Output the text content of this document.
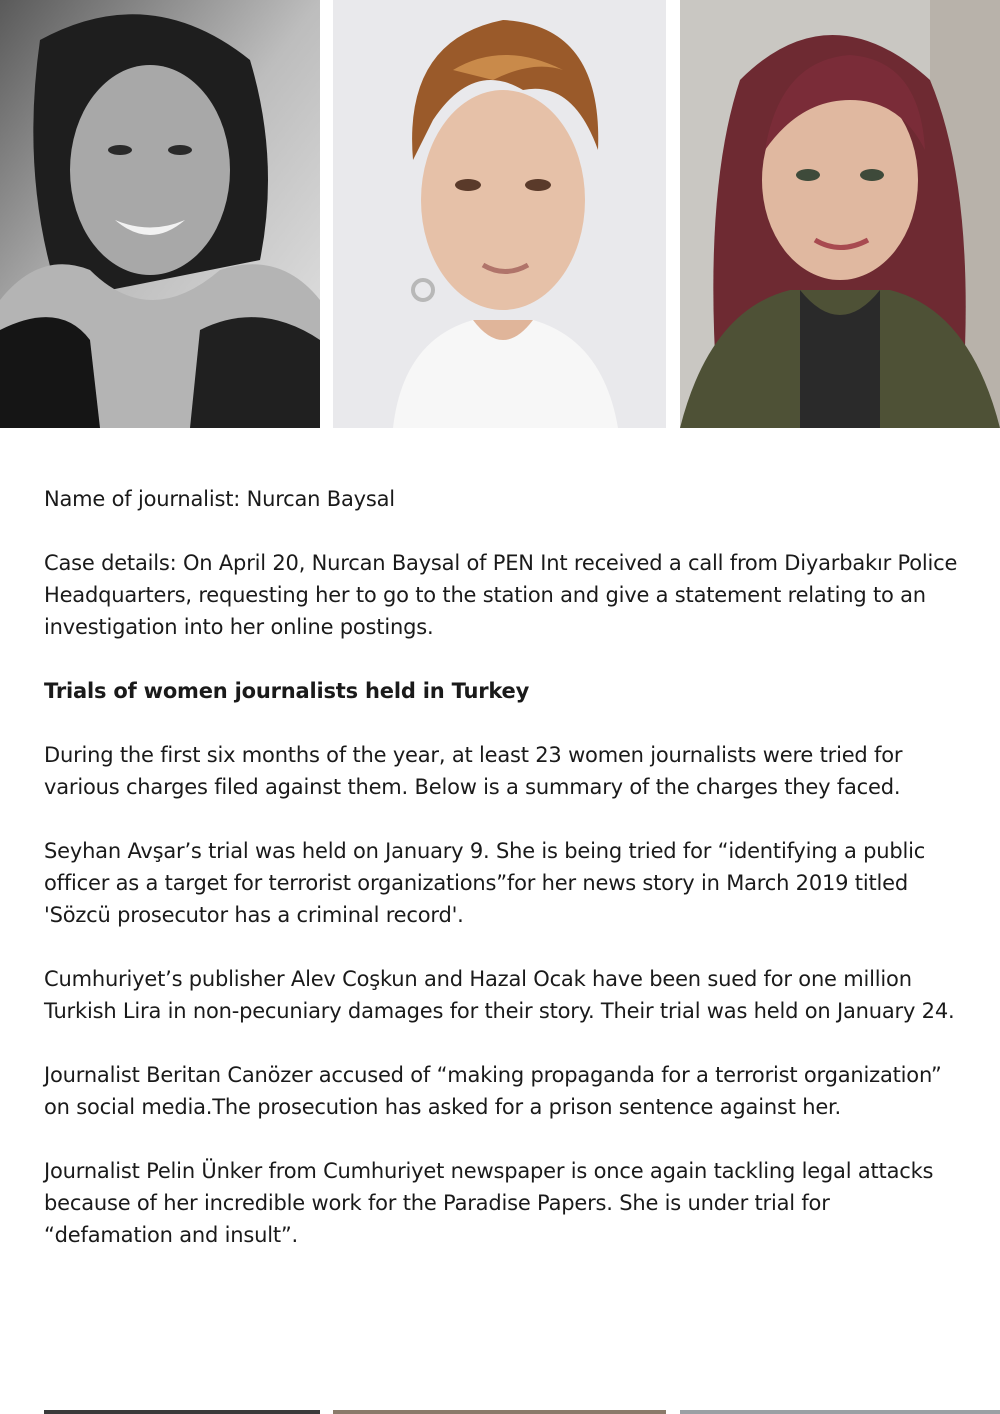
Name of journalist: Nurcan Baysal

Case details: On April 20, Nurcan Baysal of PEN Int received a call from Diyarbakır Police Headquarters, requesting her to go to the station and give a statement relating to an investigation into her online postings.

Trials of women journalists held in Turkey

During the first six months of the year, at least 23 women journalists were tried for various charges filed against them. Below is a summary of the charges they faced.

Seyhan Avşar’s trial was held on January 9. She is being tried for “identifying a public officer as a target for terrorist organizations”for her news story in March 2019 titled 'Sözcü prosecutor has a criminal record'.

Cumhuriyet’s publisher Alev Coşkun and Hazal Ocak have been sued for one million Turkish Lira in non-pecuniary damages for their story. Their trial was held on January 24.

Journalist Beritan Canözer accused of “making propaganda for a terrorist organization” on social media.The prosecution has asked for a prison sentence against her.

Journalist Pelin Ünker from Cumhuriyet newspaper is once again tackling legal attacks because of her incredible work for the Paradise Papers. She is under trial for “defamation and insult”.
